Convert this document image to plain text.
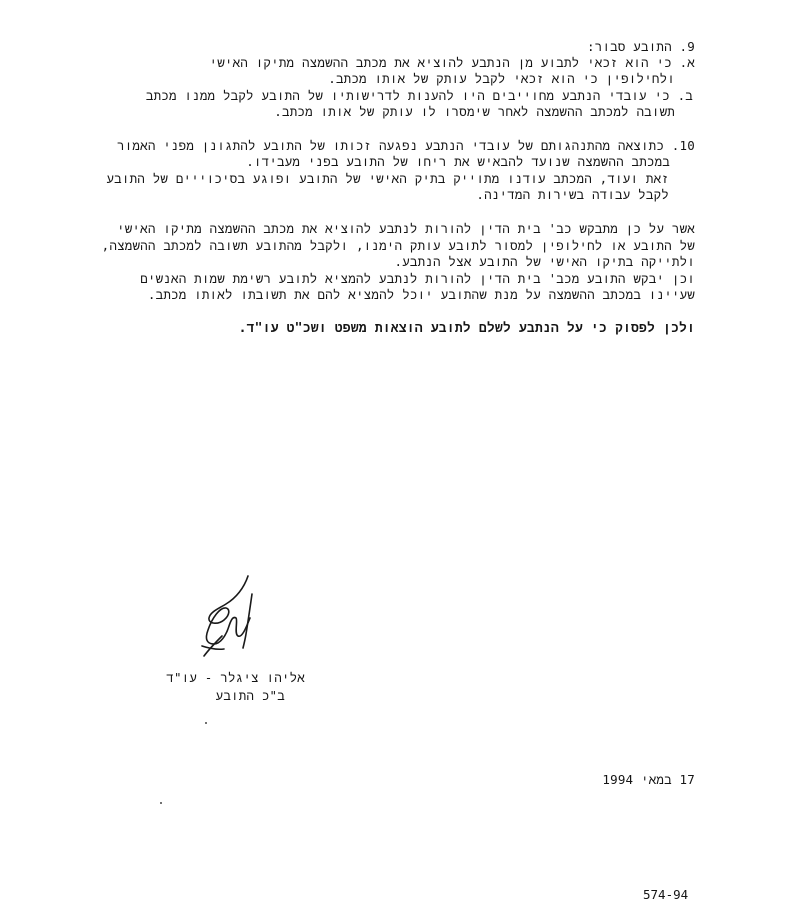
9. התובע סבור:
א. כי הוא זכאי לתבוע מן הנתבע להוציא את מכתב ההשמצה מתיקו האישי
ולחילופין כי הוא זכאי לקבל עותק של אותו מכתב.
ב. כי עובדי הנתבע מחוייבים היו להענות לדרישותיו של התובע לקבל ממנו מכתב
תשובה למכתב ההשמצה לאחר שימסרו לו עותק של אותו מכתב.
10. כתוצאה מהתנהגותם של עובדי הנתבע נפגעה זכותו של התובע להתגונן מפני האמור
במכתב ההשמצה שנועד להבאיש את ריחו של התובע בפני מעבידו.
זאת ועוד, המכתב עודנו מתוייק בתיק האישי של התובע ופוגע בסיכוייים של התובע
לקבל עבודה בשירות המדינה.
אשר על כן מתבקש כב' בית הדין להורות לנתבע להוציא את מכתב ההשמצה מתיקו האישי
של התובע או לחילופין למסור לתובע עותק הימנו, ולקבל מהתובע תשובה למכתב ההשמצה,
ולתייקה בתיקו האישי של התובע אצל הנתבע.
וכן יבקש התובע מכב' בית הדין להורות לנתבע להמציא לתובע רשימת שמות האנשים
שעיינו במכתב ההשמצה על מנת שהתובע יוכל להמציא להם את תשובתו לאותו מכתב.
ולכן לפסוק כי על הנתבע לשלם לתובע הוצאות משפט ושכ"ט עו"ד.
אליהו ציגלר - עו"ד
ב"כ התובע
17 במאי 1994
574-94
